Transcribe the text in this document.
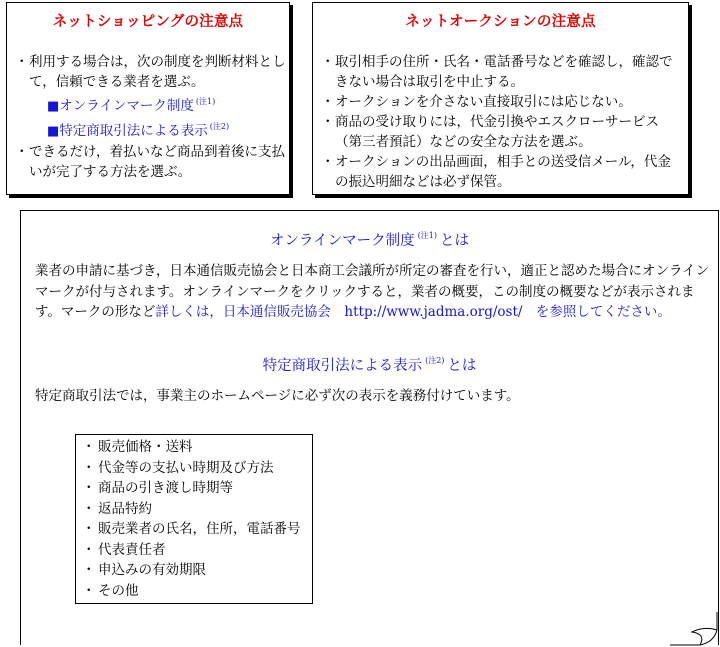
ネットショッピングの注意点
・ 利用する場合は，次の制度を判断材料として，信頼できる業者を選ぶ。
■オンラインマーク制度 $^{(注1)}$
■特定商取引法による表示 $^{(注2)}$
・ できるだけ，着払いなど商品到着後に支払いが完了する方法を選ぶ。
ネットオークションの注意点
・ 取引相手の住所・氏名・電話番号などを確認し，確認できない場合は取引を中止する。
・ オークションを介さない直接取引には応じない。
・ 商品の受け取りには，代金引換やエスクローサービス（第三者預託）などの安全な方法を選ぶ。
・ オークションの出品画面，相手との送受信メール，代金の振込明細などは必ず保管。
オンラインマーク制度 $^{(注1)}$ とは
業者の申請に基づき，日本通信販売協会と日本商工会議所が所定の審査を行い，適正と認めた場合にオンラインマークが付与されます。オンラインマークをクリックすると，業者の概要，この制度の概要などが表示されます。マークの形など詳しくは，日本通信販売協会　http://www.jadma.org/ost/　を参照してください。
特定商取引法による表示 $^{(注2)}$ とは
特定商取引法では，事業主のホームページに必ず次の表示を義務付けています。
・ 販売価格・送料
・ 代金等の支払い時期及び方法
・ 商品の引き渡し時期等
・ 返品特約
・ 販売業者の氏名，住所，電話番号
・ 代表責任者
・ 申込みの有効期限
・ その他
